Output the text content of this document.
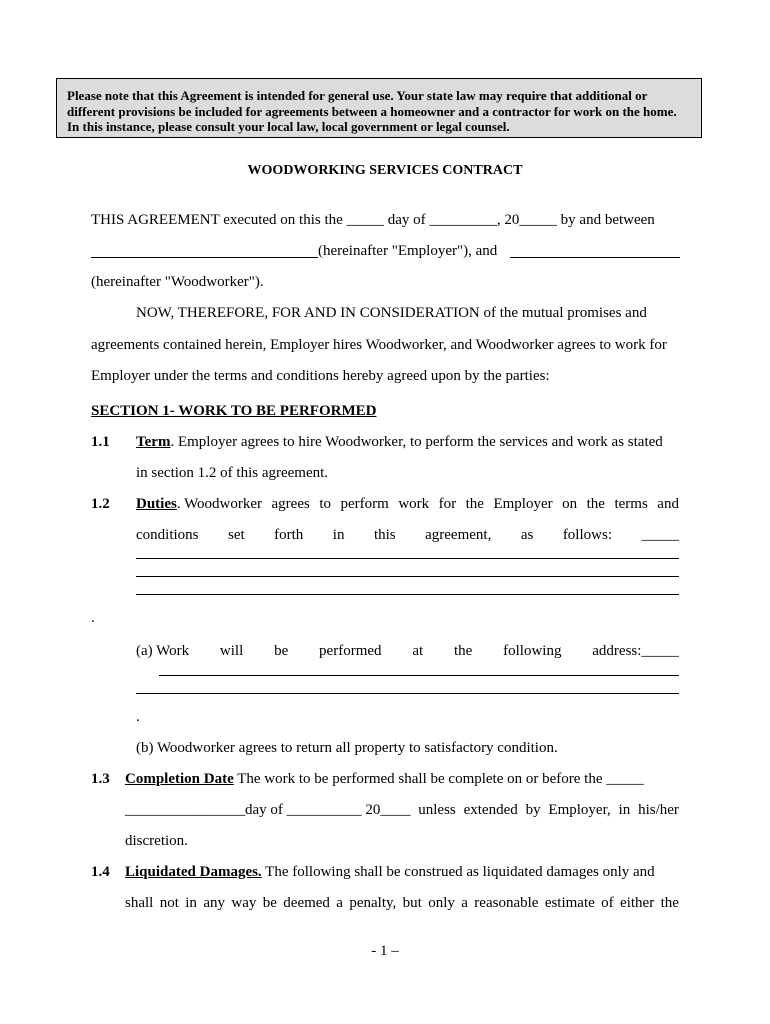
Please note that this Agreement is intended for general use. Your state law may require that additional or different provisions be included for agreements between a homeowner and a contractor for work on the home. In this instance, please consult your local law, local government or legal counsel.
WOODWORKING SERVICES CONTRACT
THIS AGREEMENT executed on this the _____ day of _________, 20_____ by and between
(hereinafter "Employer"), and
(hereinafter "Woodworker").
NOW, THEREFORE, FOR AND IN CONSIDERATION of the mutual promises and
agreements contained herein, Employer hires Woodworker, and Woodworker agrees to work for
Employer under the terms and conditions hereby agreed upon by the parties:
SECTION 1- WORK TO BE PERFORMED
1.1 Term. Employer agrees to hire Woodworker, to perform the services and work as stated
in section 1.2 of this agreement.
1.2 Duties. Woodworker agrees to perform work for the Employer on the terms and
conditions set forth in this agreement, as follows: _____
.
(a) Work will be performed at the following address:_____
.
(b) Woodworker agrees to return all property to satisfactory condition.
1.3 Completion Date The work to be performed shall be complete on or before the _____
________________day of __________ 20____ unless extended by Employer, in his/her
discretion.
1.4 Liquidated Damages. The following shall be construed as liquidated damages only and
shall not in any way be deemed a penalty, but only a reasonable estimate of either the
- 1 –
